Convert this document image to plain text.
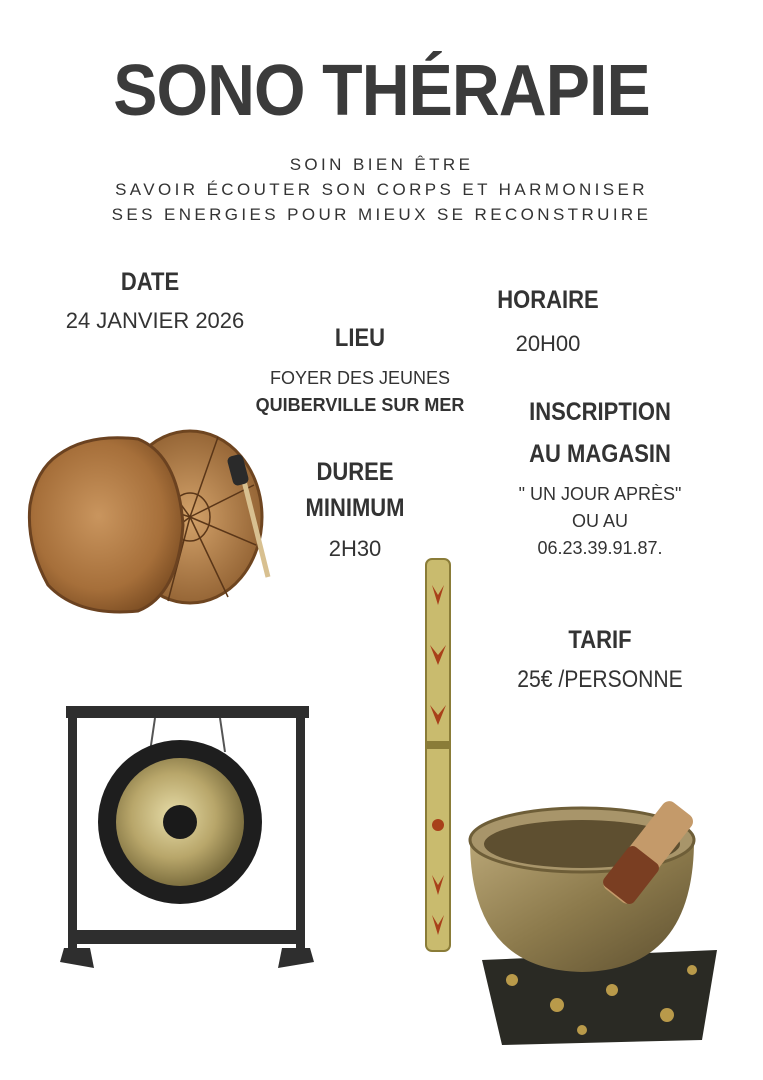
SONO THÉRAPIE
SOIN BIEN ÊTRE
SAVOIR ÉCOUTER SON CORPS ET HARMONISER
SES ENERGIES POUR MIEUX SE RECONSTRUIRE
DATE
24 JANVIER 2026
HORAIRE
20H00
LIEU
FOYER DES JEUNES
QUIBERVILLE SUR MER	INSCRIPTION
AU MAGASIN
" UN JOUR APRÈS"
OU AU
06.23.39.91.87.
DUREE
MINIMUM
2H30
TARIF
25€ /PERSONNE
